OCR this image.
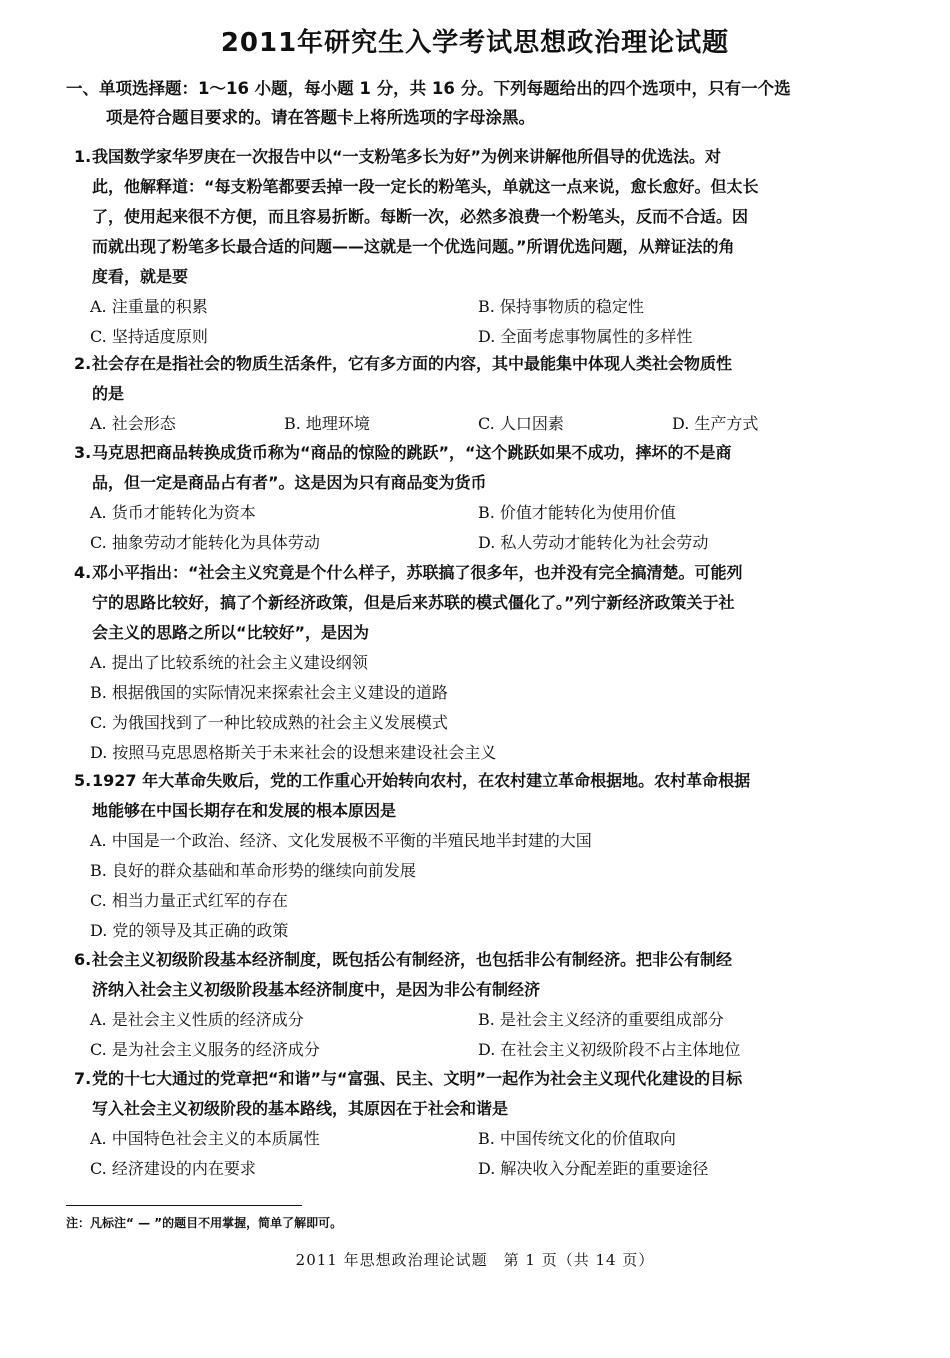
2011年研究生入学考试思想政治理论试题
一、单项选择题：1～16 小题，每小题 1 分，共 16 分。下列每题给出的四个选项中，只有一个选
项是符合题目要求的。请在答题卡上将所选项的字母涂黑。
1.我国数学家华罗庚在一次报告中以“一支粉笔多长为好”为例来讲解他所倡导的优选法。对
此，他解释道：“每支粉笔都要丢掉一段一定长的粉笔头，单就这一点来说，愈长愈好。但太长
了，使用起来很不方便，而且容易折断。每断一次，必然多浪费一个粉笔头，反而不合适。因
而就出现了粉笔多长最合适的问题——这就是一个优选问题。”所谓优选问题，从辩证法的角
度看，就是要
A. 注重量的积累	B. 保持事物质的稳定性
C. 坚持适度原则	D. 全面考虑事物属性的多样性
2.社会存在是指社会的物质生活条件，它有多方面的内容，其中最能集中体现人类社会物质性
的是
A. 社会形态	B. 地理环境	C. 人口因素	D. 生产方式
3.马克思把商品转换成货币称为“商品的惊险的跳跃”，“这个跳跃如果不成功，摔坏的不是商
品，但一定是商品占有者”。这是因为只有商品变为货币
A. 货币才能转化为资本	B. 价值才能转化为使用价值
C. 抽象劳动才能转化为具体劳动	D. 私人劳动才能转化为社会劳动
4.邓小平指出：“社会主义究竟是个什么样子，苏联搞了很多年，也并没有完全搞清楚。可能列
宁的思路比较好，搞了个新经济政策，但是后来苏联的模式僵化了。”列宁新经济政策关于社
会主义的思路之所以“比较好”，是因为
A. 提出了比较系统的社会主义建设纲领
B. 根据俄国的实际情况来探索社会主义建设的道路
C. 为俄国找到了一种比较成熟的社会主义发展模式
D. 按照马克思恩格斯关于未来社会的设想来建设社会主义
5.1927 年大革命失败后，党的工作重心开始转向农村，在农村建立革命根据地。农村革命根据
地能够在中国长期存在和发展的根本原因是
A. 中国是一个政治、经济、文化发展极不平衡的半殖民地半封建的大国
B. 良好的群众基础和革命形势的继续向前发展
C. 相当力量正式红军的存在
D. 党的领导及其正确的政策
6.社会主义初级阶段基本经济制度，既包括公有制经济，也包括非公有制经济。把非公有制经
济纳入社会主义初级阶段基本经济制度中，是因为非公有制经济
A. 是社会主义性质的经济成分	B. 是社会主义经济的重要组成部分
C. 是为社会主义服务的经济成分	D. 在社会主义初级阶段不占主体地位
7.党的十七大通过的党章把“和谐”与“富强、民主、文明”一起作为社会主义现代化建设的目标
写入社会主义初级阶段的基本路线，其原因在于社会和谐是
A. 中国特色社会主义的本质属性	B. 中国传统文化的价值取向
C. 经济建设的内在要求	D. 解决收入分配差距的重要途径
注：凡标注“ — ”的题目不用掌握，简单了解即可。
2011 年思想政治理论试题　第 1 页（共 14 页）
